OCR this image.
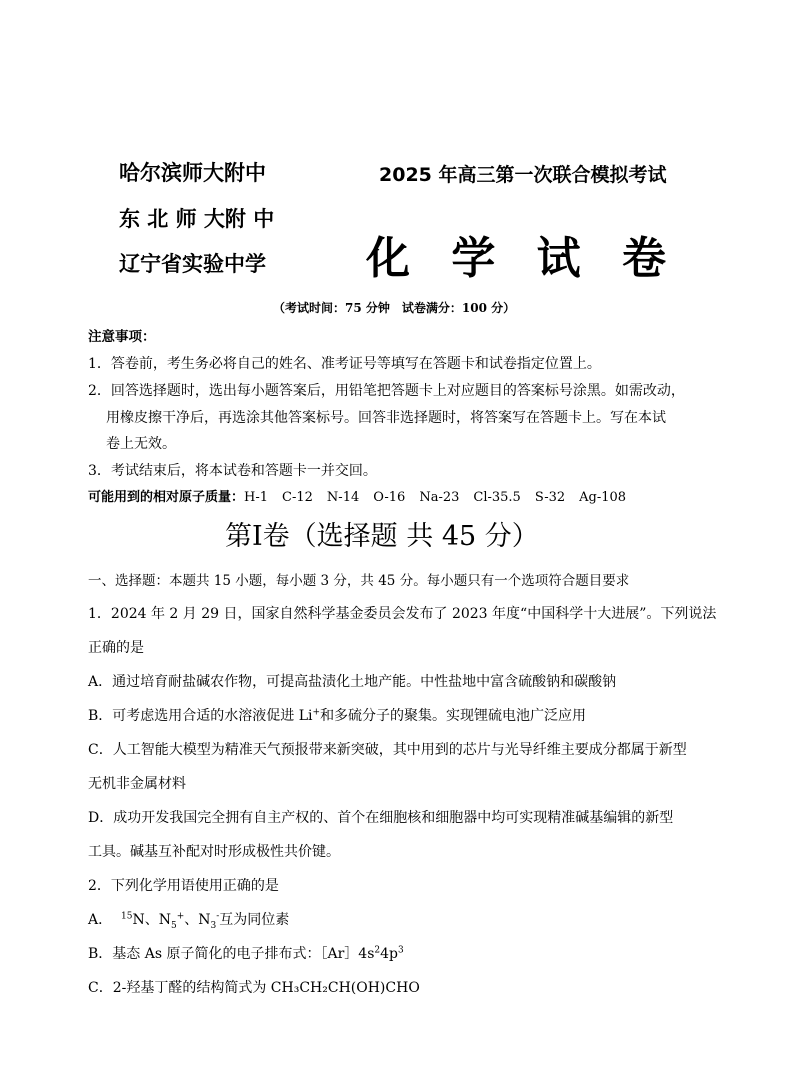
哈尔滨师大附中
东 北 师 大附 中
辽宁省实验中学
2025 年高三第一次联合模拟考试
化 学 试 卷
（考试时间：75 分钟　试卷满分：100 分）
注意事项：
1．答卷前，考生务必将自己的姓名、准考证号等填写在答题卡和试卷指定位置上。
2．回答选择题时，选出每小题答案后，用铅笔把答题卡上对应题目的答案标号涂黑。如需改动，
用橡皮擦干净后，再选涂其他答案标号。回答非选择题时，将答案写在答题卡上。写在本试
卷上无效。
3．考试结束后，将本试卷和答题卡一并交回。
可能用到的相对原子质量：H-1 C-12 N-14 O-16 Na-23 Cl-35.5 S-32 Ag-108
第I卷（选择题 共 45 分）
一、选择题：本题共 15 小题，每小题 3 分，共 45 分。每小题只有一个选项符合题目要求
1．2024 年 2 月 29 日，国家自然科学基金委员会发布了 2023 年度“中国科学十大进展”。下列说法
正确的是
A．通过培育耐盐碱农作物，可提高盐渍化土地产能。中性盐地中富含硫酸钠和碳酸钠
B．可考虑选用合适的水溶液促进 Li+和多硫分子的聚集。实现锂硫电池广泛应用
C．人工智能大模型为精准天气预报带来新突破，其中用到的芯片与光导纤维主要成分都属于新型
无机非金属材料
D．成功开发我国完全拥有自主产权的、首个在细胞核和细胞器中均可实现精准碱基编辑的新型
工具。碱基互补配对时形成极性共价键。
2．下列化学用语使用正确的是
A． $^{15}$N、$N_5^+$、$N_3^-$互为同位素
B．基态 As 原子简化的电子排布式：$[Ar]4s^24p^3$
C．2-羟基丁醛的结构简式为 CH₃CH₂CH(OH)CHO
